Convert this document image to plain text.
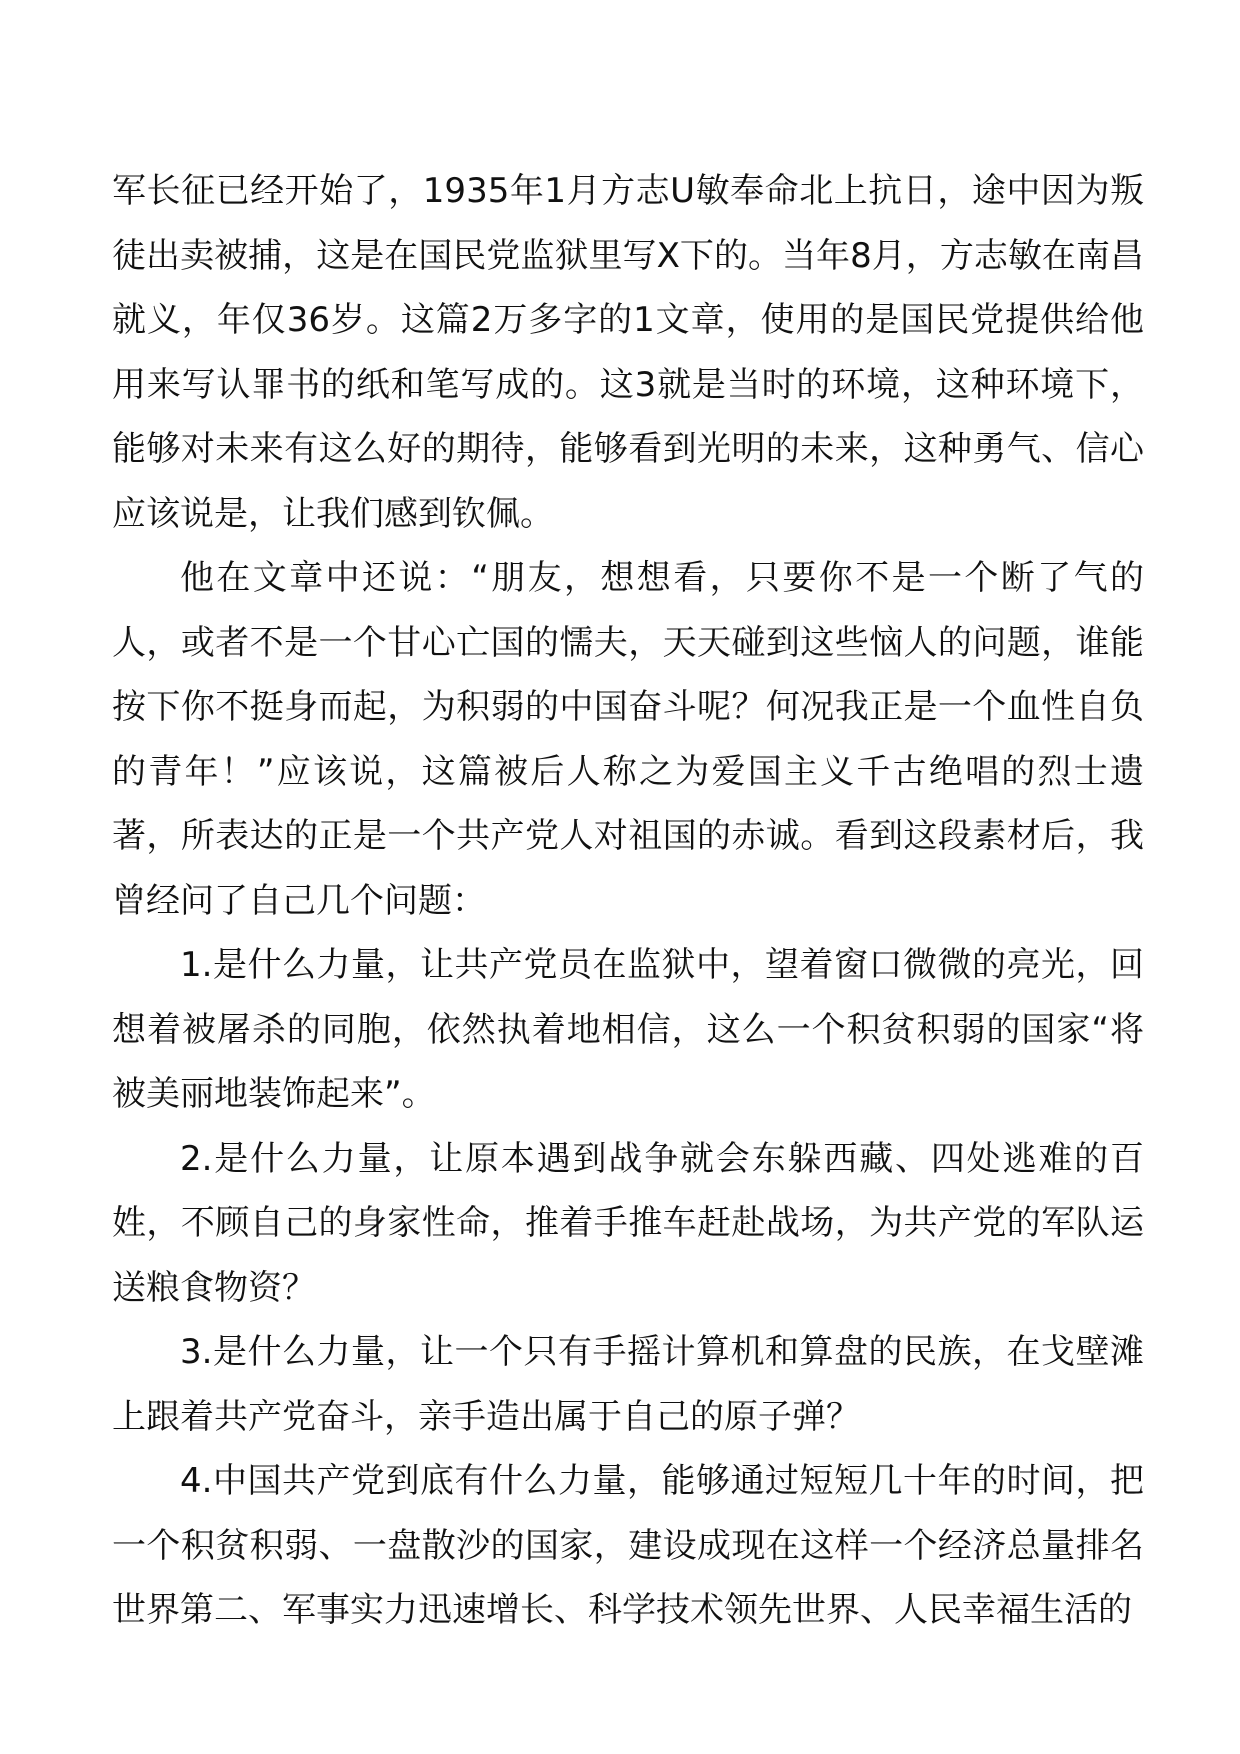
军长征已经开始了，1935年1月方志U敏奉命北上抗日，途中因为叛徒出卖被捕，这是在国民党监狱里写X下的。当年8月，方志敏在南昌就义，年仅36岁。这篇2万多字的1文章，使用的是国民党提供给他用来写认罪书的纸和笔写成的。这3就是当时的环境，这种环境下，能够对未来有这么好的期待，能够看到光明的未来，这种勇气、信心应该说是，让我们感到钦佩。

他在文章中还说：“朋友，想想看，只要你不是一个断了气的人，或者不是一个甘心亡国的懦夫，天天碰到这些恼人的问题，谁能按下你不挺身而起，为积弱的中国奋斗呢？何况我正是一个血性自负的青年！”应该说，这篇被后人称之为爱国主义千古绝唱的烈士遗著，所表达的正是一个共产党人对祖国的赤诚。看到这段素材后，我曾经问了自己几个问题：

1.是什么力量，让共产党员在监狱中，望着窗口微微的亮光，回想着被屠杀的同胞，依然执着地相信，这么一个积贫积弱的国家“将被美丽地装饰起来”。

2.是什么力量，让原本遇到战争就会东躲西藏、四处逃难的百姓，不顾自己的身家性命，推着手推车赶赴战场，为共产党的军队运送粮食物资？

3.是什么力量，让一个只有手摇计算机和算盘的民族，在戈壁滩上跟着共产党奋斗，亲手造出属于自己的原子弹？

4.中国共产党到底有什么力量，能够通过短短几十年的时间，把一个积贫积弱、一盘散沙的国家，建设成现在这样一个经济总量排名世界第二、军事实力迅速增长、科学技术领先世界、人民幸福生活的
